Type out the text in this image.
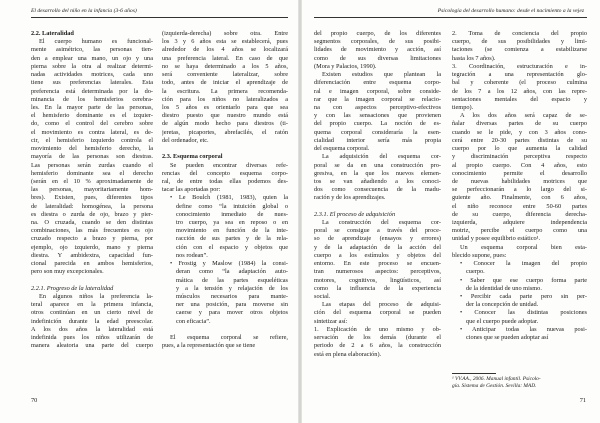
El desarrollo del niño en la infancia (3-6 años)
2.2. Lateralidad
El cuerpo humano es funcional-
mente asimétrico, las personas tien-
den a emplear una mano, un ojo y una
pierna sobre la otra al realizar determi-
nadas actividades motrices, cada uno
tiene sus preferencias laterales. Esta
preferencia está determinada por la do-
minancia de los hemisferios cerebra-
les. En la mayor parte de las personas,
el hemisferio dominante es el izquier-
do, como el control del cerebro sobre
el movimiento es contra lateral, es de-
cir, el hemisferio izquierdo controla el
movimiento del hemisferio derecho, la
mayoría de las personas son diestras.
Las personas serán zurdas cuando el
hemisferio dominante sea el derecho
(serán en el 10 % aproximadamente de
las personas, mayoritariamente hom-
bres). Existen, pues, diferentes tipos
de lateralidad: homogénea, la persona
es diestra o zurda de ojo, brazo y pier-
na. O cruzada, cuando se den distintas
combinaciones, las más frecuentes es ojo
cruzado respecto a brazo y pierna, por
ejemplo, ojo izquierdo, mano y pierna
diestra. Y ambidextra, capacidad fun-
cional parecida en ambos hemisferios,
pero son muy excepcionales.
2.2.1. Progreso de la lateralidad
En algunos niños la preferencia la-
teral aparece en la primera infancia,
otros continúan en un cierto nivel de
indefinición durante la edad preescolar.
A los dos años la lateralidad está
indefinida pues los niños utilizarán de
manera aleatoria una parte del cuerpo
(izquierda-derecha) sobre otra. Entre
los 3 y 6 años esta se establecerá, pues
alrededor de los 4 años se localizará
una preferencia lateral. En caso de que
no se haya determinado a los 5 años,
será conveniente lateralizar, sobre
todo, antes de iniciar el aprendizaje de
la escritura. La primera recomenda-
ción para los niños no lateralizados a
los 5 años es orientarlo para que sea
diestro puesto que nuestro mundo está
de algún modo hecho para diestros (ti-
jeretas, picaportes, abrefacilés, el ratón
del ordenador, etc.
2.3. Esquema corporal
Se pueden encontrar diversas refe-
rencias del concepto esquema corpo-
ral, de entre todas ellas podemos des-
tacar las aportadas por:
• Le Boulch (1981, 1983), quien la
define como “la intuición global o
conocimiento inmediato de nues-
tro cuerpo, ya sea en reposo o en
movimiento en función de la inte-
racción de sus partes y de la rela-
ción con el espacio y objetos que
nos rodean”.
• Frostig y Maslow (1984) la consi-
deran como “la adaptación auto-
mática de las partes esqueléticas
y a la tensión y relajación de los
músculos necesarios para mante-
ner una posición, para moverse sin
caerse y para mover otros objetos
con eficacia”.
El esquema corporal se refiere,
pues, a la representación que se tiene
70
Psicología del desarrollo humano: desde el nacimiento a la vejez
del propio cuerpo, de los diferentes
segmentos corporales, de sus posibi-
lidades de movimiento y acción, así
como de sus diversas limitaciones
(Mora y Palacios, 1990).
Existen estudios que plantean la
diferenciación entre esquema corpo-
ral e imagen corporal, sobre conside-
rar que la imagen corporal se relacio-
na con aspectos perceptivo-efectivos
y con las sensaciones que provienen
del propio cuerpo. La noción de es-
quema corporal consideraría la esen-
cialidad interior sería más propia
del esquema corporal.
La adquisición del esquema cor-
poral se da en una construcción pro-
gresiva, en la que los nuevos elemen-
tos se van añadiendo a los conoci-
dos como consecuencia de la madu-
ración y de los aprendizajes.
2.3.1. El proceso de adquisición
La construcción del esquema cor-
poral se consigue a través del proce-
so de aprendizaje (ensayos y errores)
y de la adaptación de la acción del
cuerpo a los estímulos y objetos del
entorno. En este proceso se encuen-
tran numerosos aspectos: perceptivos,
motores, cognitivos, lingüísticos, así
como la influencia de la experiencia
social.
Las etapas del proceso de adquisi-
ción del esquema corporal se pueden
sintetizar así:
1. Explicación de uno mismo y ob-
servación de los demás (durante el
periodo de 2 a 6 años, la construcción
está en plena elaboración).
2. Toma de conciencia del propio
cuerpo, de sus posibilidades y limi-
taciones (se comienza a estabilizarse
hasta los 7 años).
3. Coordinación, estructuración e in-
tegración a una representación glo-
bal y coherente (el proceso culmina
de los 7 a los 12 años, con las repre-
sentaciones mentales del espacio y
tiempo).
A los dos años será capaz de se-
ñalar diversas partes de su cuerpo
cuando se le pide, y con 3 años cono-
cerá entre 20-30 partes distintas de su
cuerpo por lo que aumenta la calidad
y discriminación perceptiva respecto
al propio cuerpo. Con 4 años, esto
conocimiento permite el desarrollo
de nuevas habilidades motrices que
se perfeccionarán a lo largo del si-
guiente año. Finalmente, con 6 años,
el niño reconoce entre 50-60 partes
de su cuerpo, diferencia derecha-
izquierda, adquiere independencia
motriz, percibe el cuerpo como una
unidad y posee equilibrio estático¹.
Un esquema corporal bien esta-
blecido supone, pues:
• Conocer la imagen del propio
cuerpo.
• Saber que ese cuerpo forma parte
de la identidad de uno mismo.
• Percibir cada parte pero sin per-
der la concepción de unidad.
• Conocer las distintas posiciones
que el cuerpo puede adoptar.
• Anticipar todas las nuevas posi-
ciones que se pueden adoptar así
¹ VV.AA., 2006. Manual infantil. Psicolo-
gía. Sistema de Gestión. Sevilla: MAD.
71
